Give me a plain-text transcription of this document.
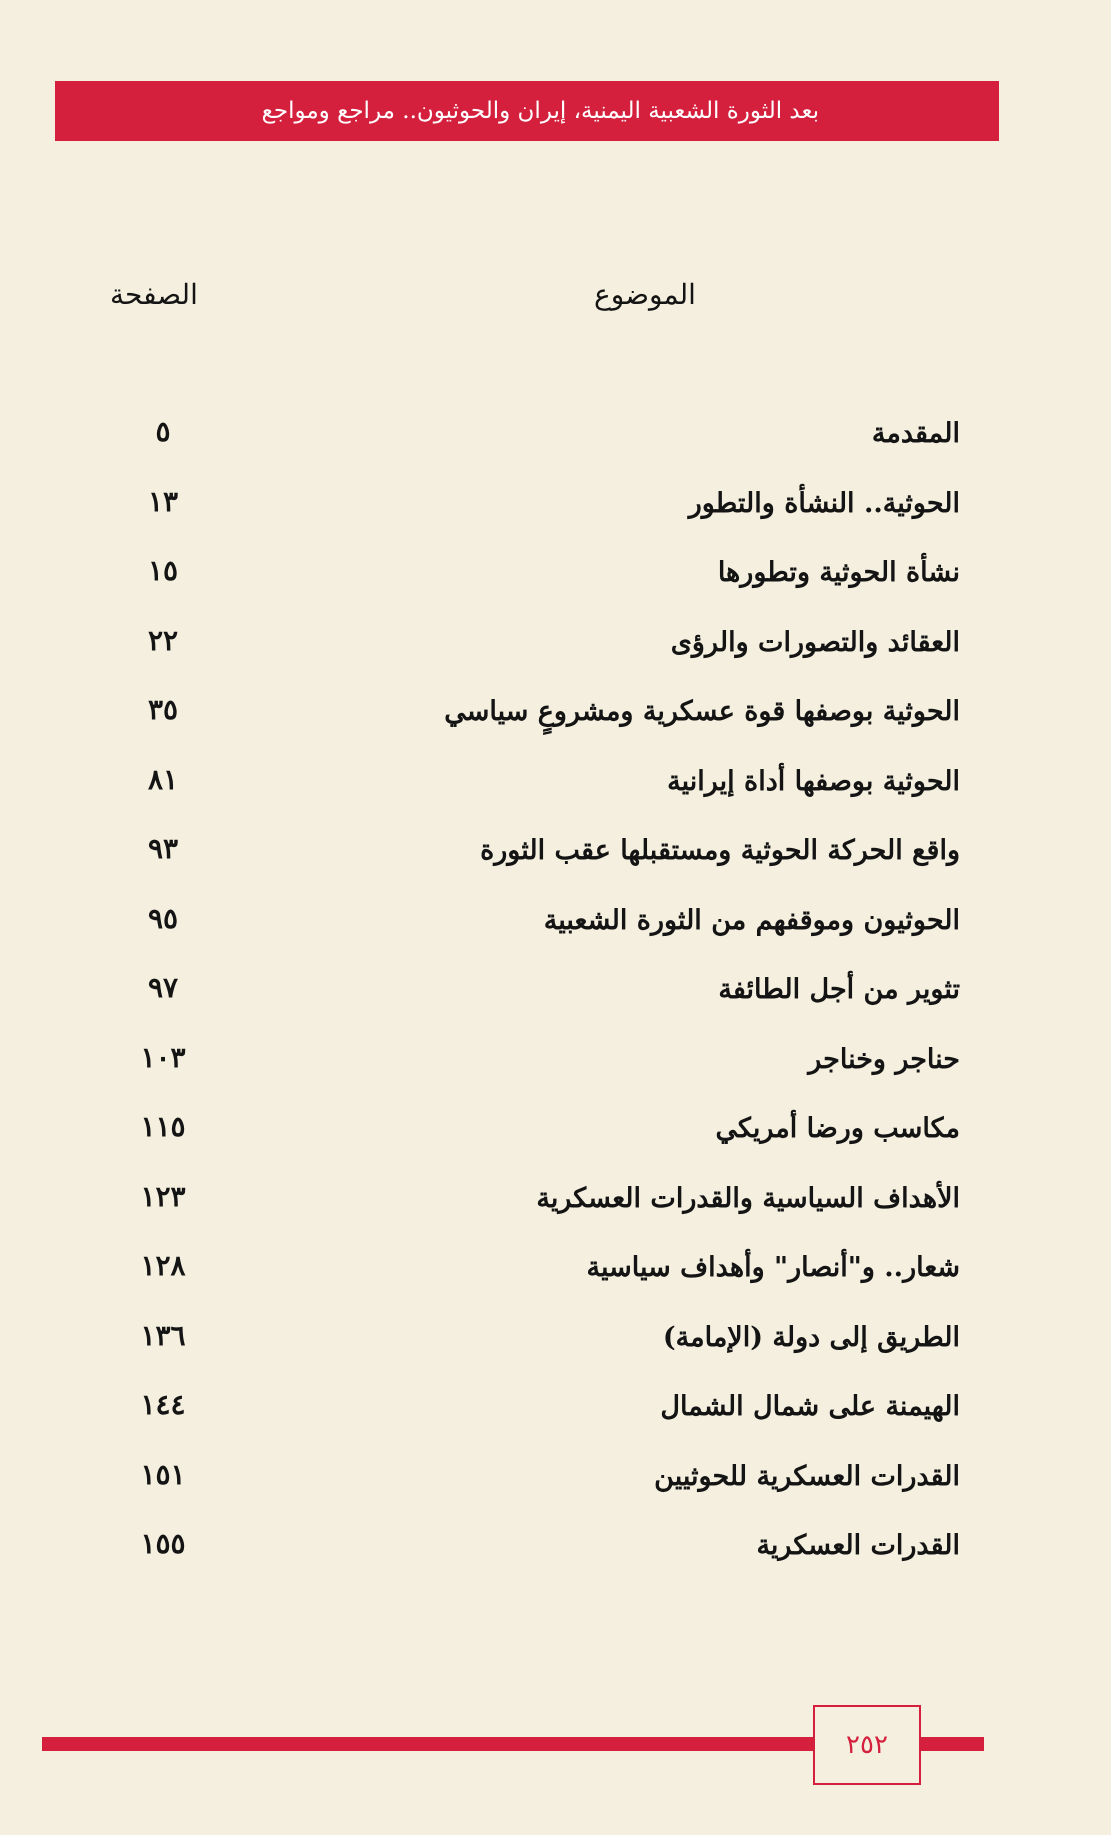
بعد الثورة الشعبية اليمنية، إيران والحوثيون.. مراجع ومواجع
الموضوع
الصفحة
المقدمة
٥
الحوثية.. النشأة والتطور
١٣
نشأة الحوثية وتطورها
١٥
العقائد والتصورات والرؤى
٢٢
الحوثية بوصفها قوة عسكرية ومشروعٍ سياسي
٣٥
الحوثية بوصفها أداة إيرانية
٨١
واقع الحركة الحوثية ومستقبلها عقب الثورة
٩٣
الحوثيون وموقفهم من الثورة الشعبية
٩٥
تثوير من أجل الطائفة
٩٧
حناجر وخناجر
١٠٣
مكاسب ورضا أمريكي
١١٥
الأهداف السياسية والقدرات العسكرية
١٢٣
شعار.. و"أنصار" وأهداف سياسية
١٢٨
الطريق إلى دولة (الإمامة)
١٣٦
الهيمنة على شمال الشمال
١٤٤
القدرات العسكرية للحوثيين
١٥١
القدرات العسكرية
١٥٥
٢٥٢
